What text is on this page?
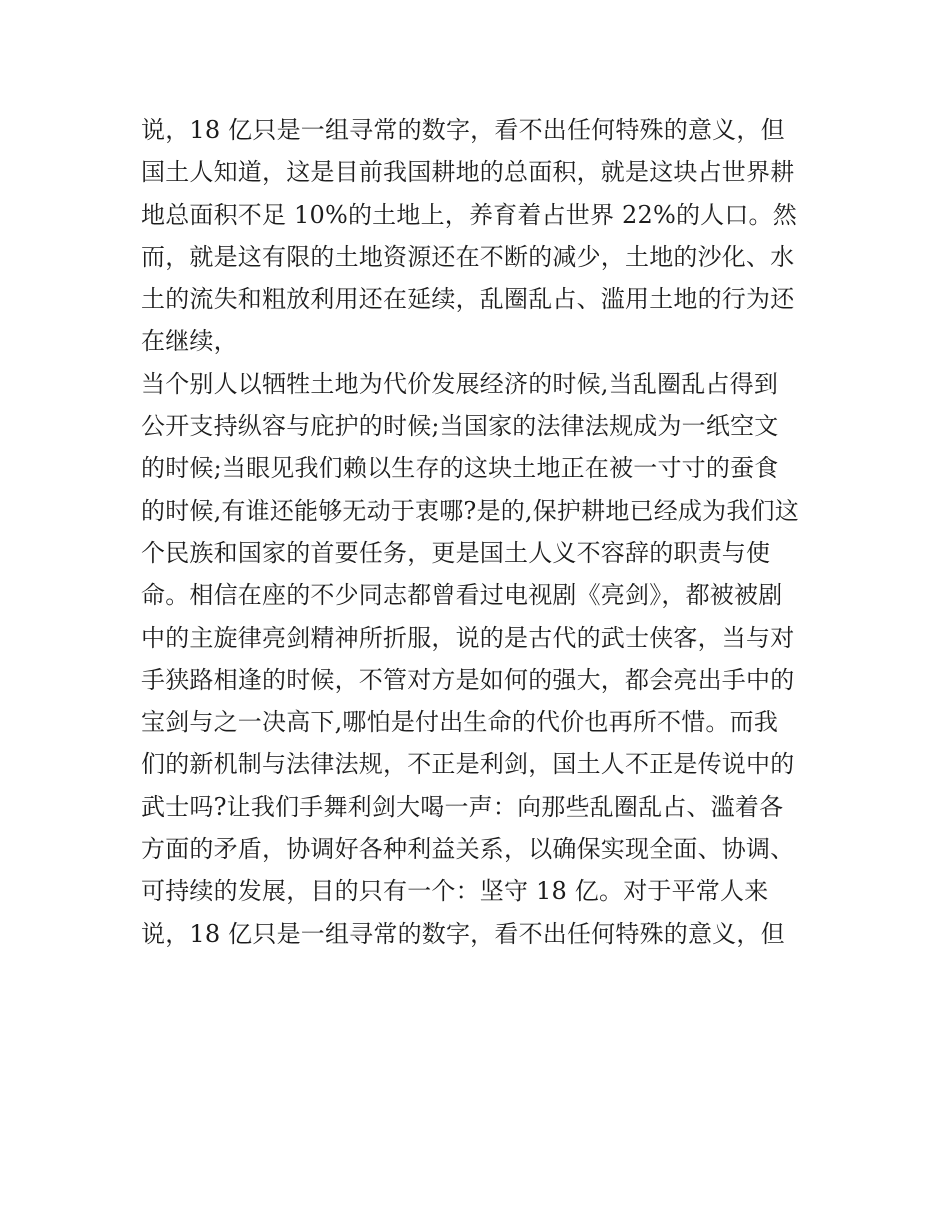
说，18 亿只是一组寻常的数字，看不出任何特殊的意义，但
国土人知道，这是目前我国耕地的总面积，就是这块占世界耕
地总面积不足 10%的土地上，养育着占世界 22%的人口。然
而，就是这有限的土地资源还在不断的减少，土地的沙化、水
土的流失和粗放利用还在延续，乱圈乱占、滥用土地的行为还
在继续，
当个别人以牺牲土地为代价发展经济的时候,当乱圈乱占得到
公开支持纵容与庇护的时候;当国家的法律法规成为一纸空文
的时候;当眼见我们赖以生存的这块土地正在被一寸寸的蚕食
的时候,有谁还能够无动于衷哪?是的,保护耕地已经成为我们这
个民族和国家的首要任务，更是国土人义不容辞的职责与使
命。相信在座的不少同志都曾看过电视剧《亮剑》，都被被剧
中的主旋律亮剑精神所折服，说的是古代的武士侠客，当与对
手狭路相逢的时候，不管对方是如何的强大，都会亮出手中的
宝剑与之一决高下,哪怕是付出生命的代价也再所不惜。而我
们的新机制与法律法规，不正是利剑，国土人不正是传说中的
武士吗?让我们手舞利剑大喝一声：向那些乱圈乱占、滥着各
方面的矛盾，协调好各种利益关系，以确保实现全面、协调、
可持续的发展，目的只有一个：坚守 18 亿。对于平常人来
说，18 亿只是一组寻常的数字，看不出任何特殊的意义，但
